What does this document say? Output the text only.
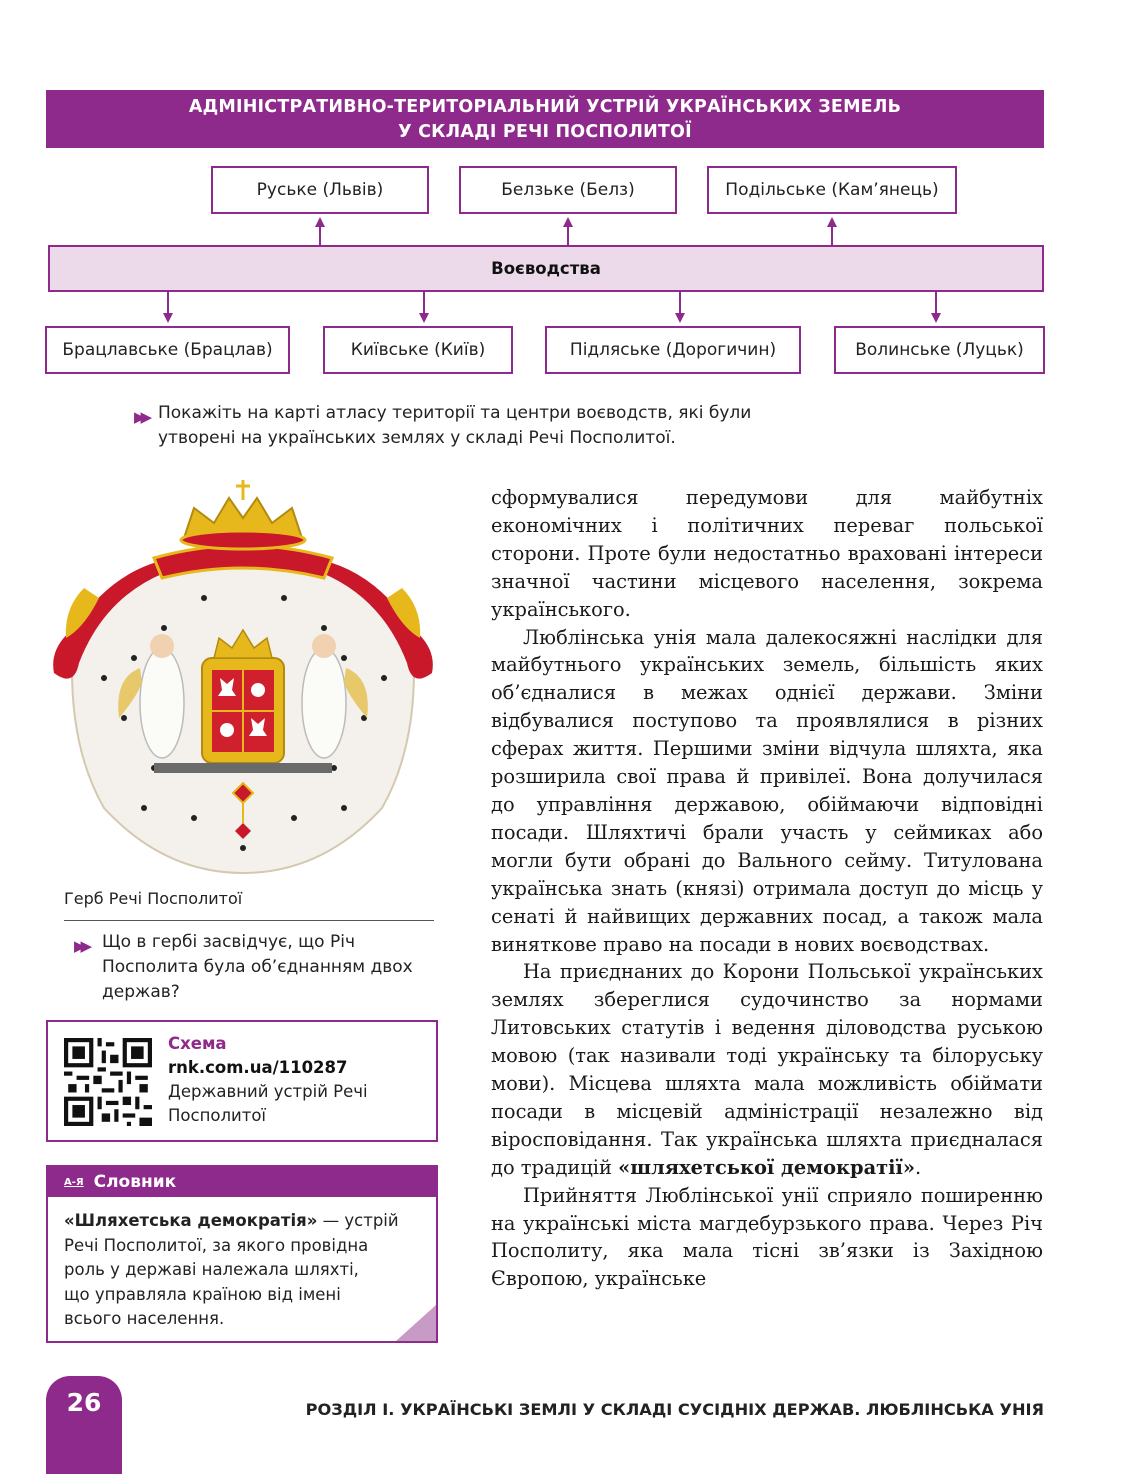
АДМІНІСТРАТИВНО-ТЕРИТОРІАЛЬНИЙ УСТРІЙ УКРАЇНСЬКИХ ЗЕМЕЛЬ
У СКЛАДІ РЕЧІ ПОСПОЛИТОЇ
Руське (Львів)	Белзьке (Белз)	Подільське (Кам’янець)
Воєводства
Брацлавське (Брацлав)	Київське (Київ)	Підляське (Дорогичин)	Волинське (Луцьк)
▶▶ Покажіть на карті атласу території та центри воєводств, які були
утворені на українських землях у складі Речі Посполитої.
Герб Речі Посполитої
▶▶ Що в гербі засвідчує, що Річ
Посполита була об’єднанням двох
держав?
Схема
rnk.com.ua/110287
Державний устрій Речі
Посполитої
А-Я Словник
«Шляхетська демократія» — устрій
Речі Посполитої, за якого провідна
роль у державі належала шляхті,
що управляла країною від імені
всього населення.

сформувалися передумови для майбутніх економічних і політичних переваг польської сторони. Проте були недостатньо враховані інтереси значної частини місцевого населення, зокрема українського.

Люблінська унія мала далекосяжні наслідки для майбутнього українських земель, більшість яких об’єдналися в межах однієї держави. Зміни відбувалися поступово та проявлялися в різних сферах життя. Першими зміни відчула шляхта, яка розширила свої права й привілеї. Вона долучилася до управління державою, обіймаючи відповідні посади. Шляхтичі брали участь у сеймиках або могли бути обрані до Вального сейму. Титулована українська знать (князі) отримала доступ до місць у сенаті й найвищих державних посад, а також мала виняткове право на посади в нових воєводствах.

На приєднаних до Корони Польської українських землях збереглися судочинство за нормами Литовських статутів і ведення діловодства руською мовою (так називали тоді українську та білоруську мови). Місцева шляхта мала можливість обіймати посади в місцевій адміністрації незалежно від віросповідання. Так українська шляхта приєдналася до традицій «шляхетської демократії».

Прийняття Люблінської унії сприяло поширенню на українські міста магдебурзького права. Через Річ Посполиту, яка мала тісні зв’язки із Західною Європою, українське

26	РОЗДІЛ І. УКРАЇНСЬКІ ЗЕМЛІ У СКЛАДІ СУСІДНІХ ДЕРЖАВ. ЛЮБЛІНСЬКА УНІЯ
